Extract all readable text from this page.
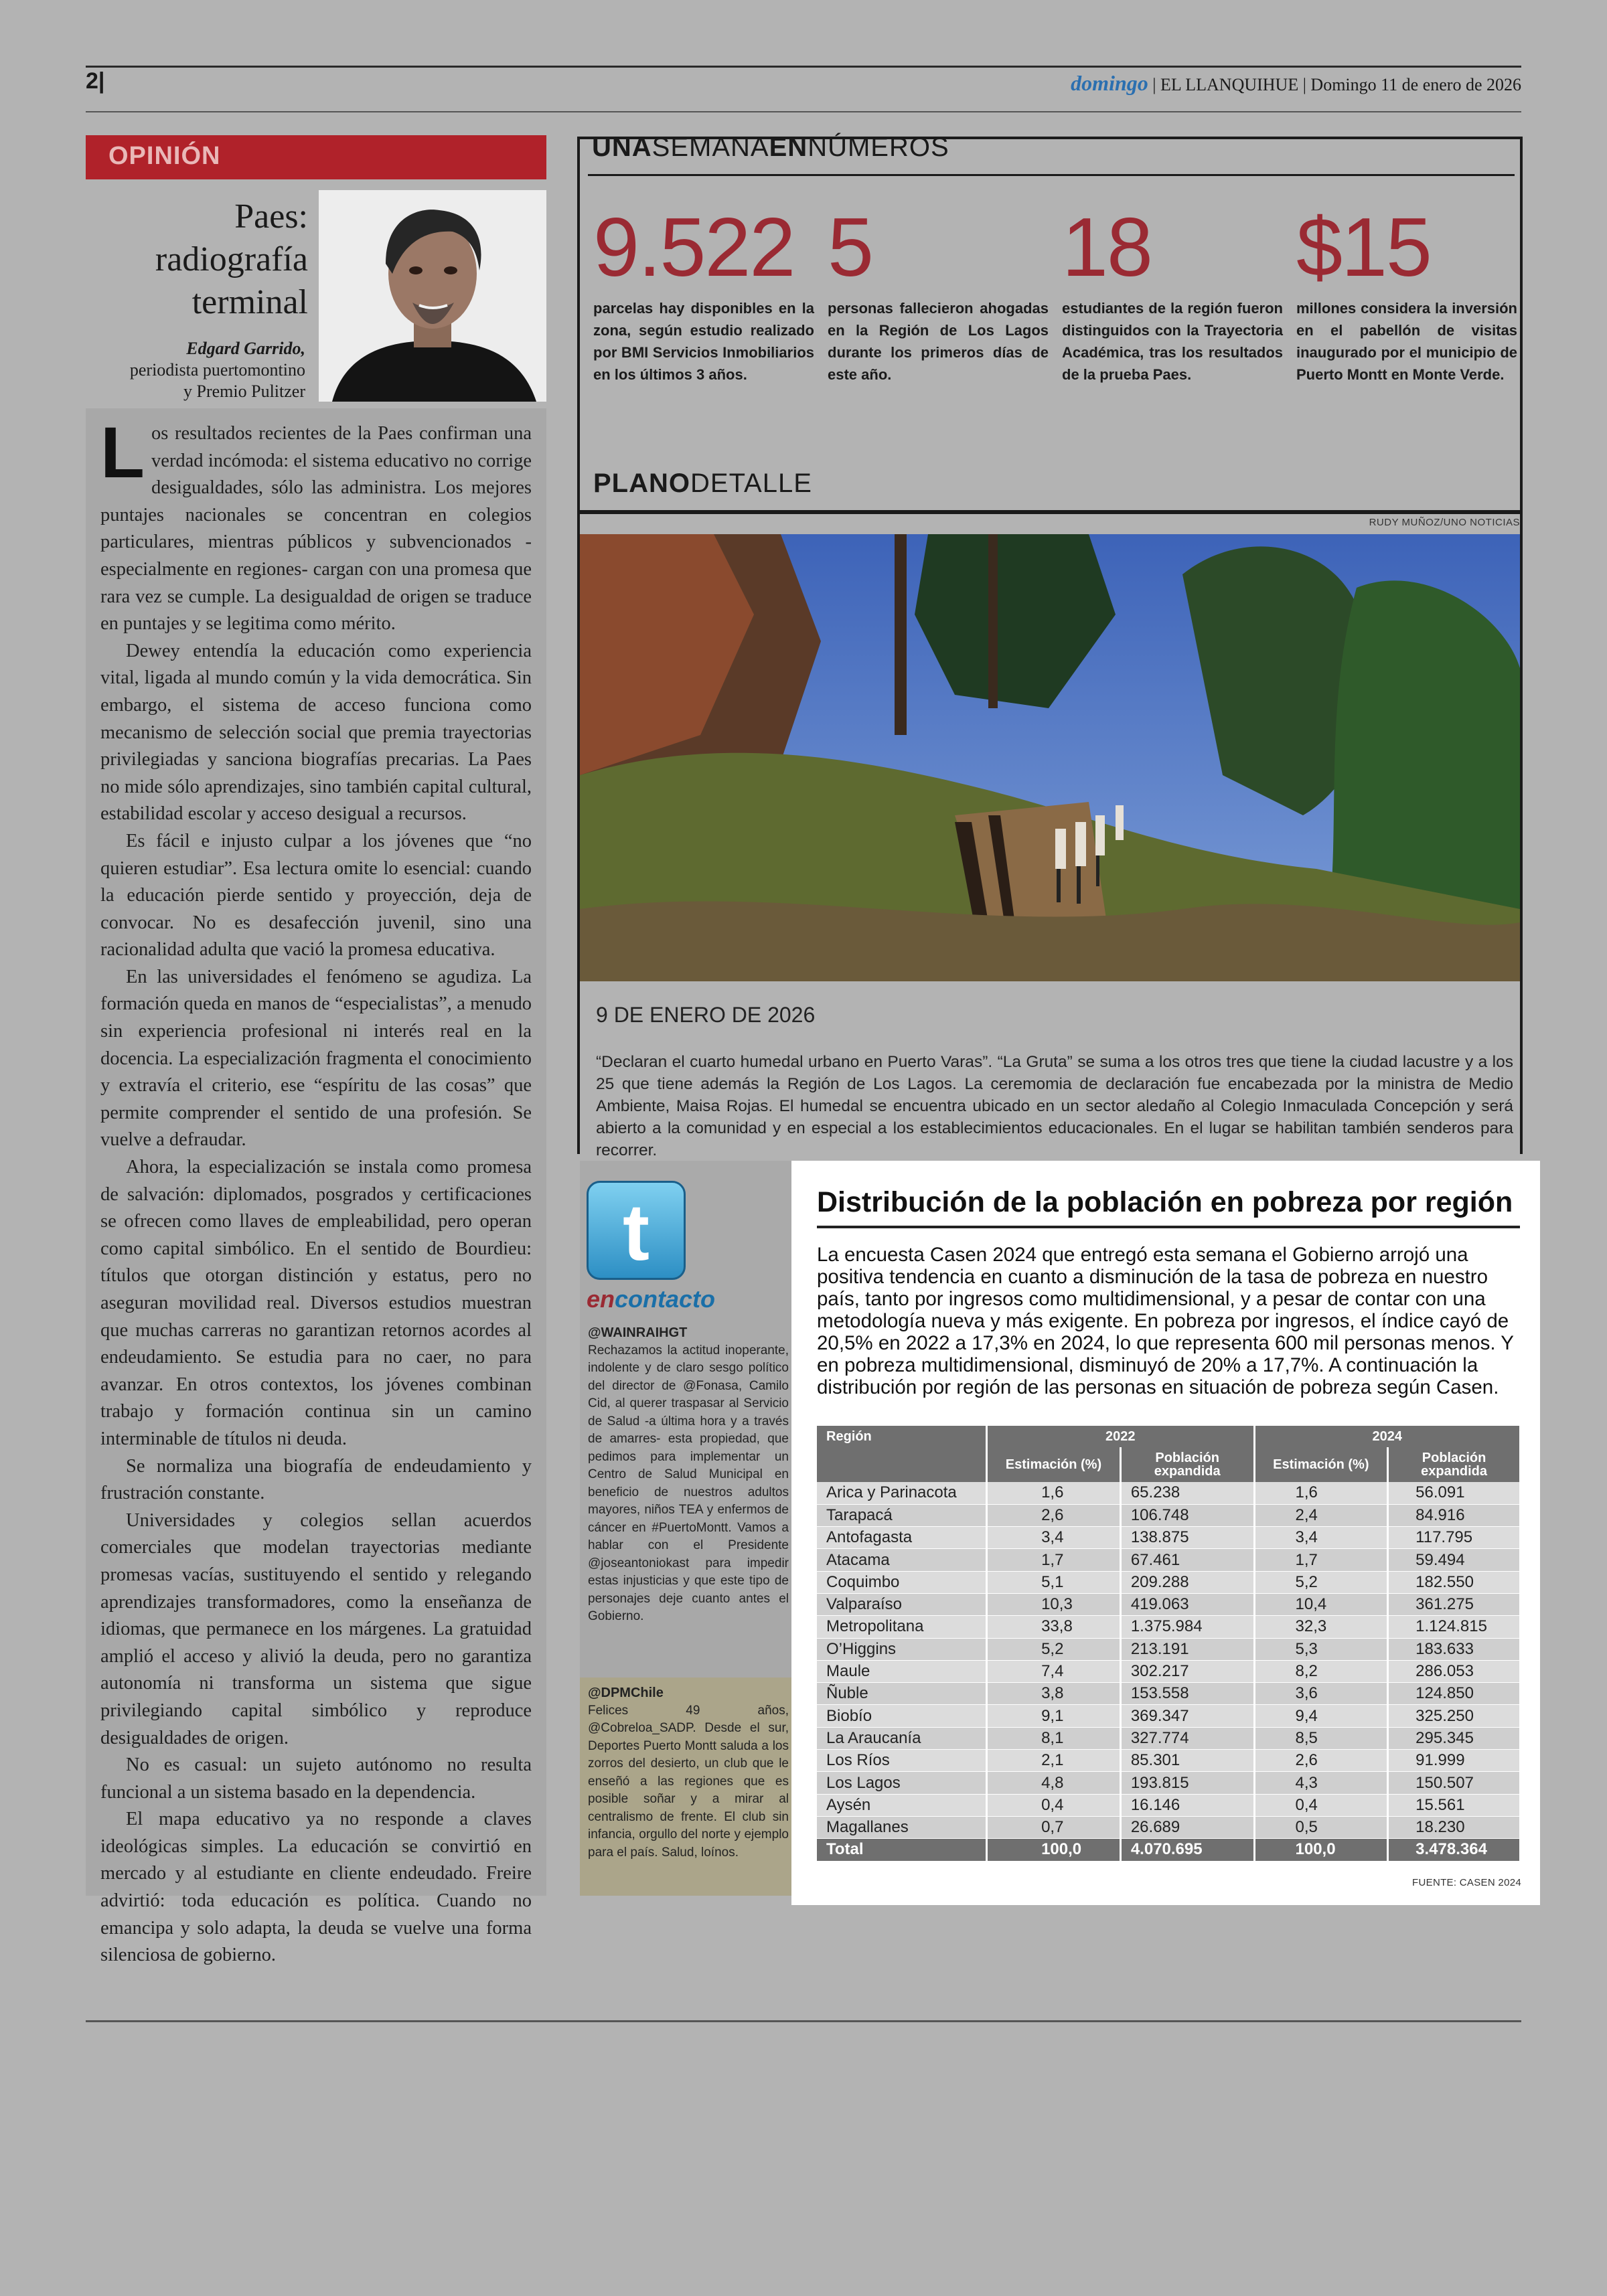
2|	domingo | EL LLANQUIHUE | Domingo 11 de enero de 2026
OPINIÓN
Paes: radiografía terminal
Edgard Garrido,
periodista puertomontino
y Premio Pulitzer

Los resultados recientes de la Paes confirman una verdad incómoda: el sistema educativo no corrige desigualdades, sólo las administra. Los mejores puntajes nacionales se concentran en colegios particulares, mientras públicos y subvencionados -especialmente en regiones- cargan con una promesa que rara vez se cumple. La desigualdad de origen se traduce en puntajes y se legitima como mérito.

Dewey entendía la educación como experiencia vital, ligada al mundo común y la vida democrática. Sin embargo, el sistema de acceso funciona como mecanismo de selección social que premia trayectorias privilegiadas y sanciona biografías precarias. La Paes no mide sólo aprendizajes, sino también capital cultural, estabilidad escolar y acceso desigual a recursos.

Es fácil e injusto culpar a los jóvenes que “no quieren estudiar”. Esa lectura omite lo esencial: cuando la educación pierde sentido y proyección, deja de convocar. No es desafección juvenil, sino una racionalidad adulta que vació la promesa educativa.

En las universidades el fenómeno se agudiza. La formación queda en manos de “especialistas”, a menudo sin experiencia profesional ni interés real en la docencia. La especialización fragmenta el conocimiento y extravía el criterio, ese “espíritu de las cosas” que permite comprender el sentido de una profesión. Se vuelve a defraudar.

Ahora, la especialización se instala como promesa de salvación: diplomados, posgrados y certificaciones se ofrecen como llaves de empleabilidad, pero operan como capital simbólico. En el sentido de Bourdieu: títulos que otorgan distinción y estatus, pero no aseguran movilidad real. Diversos estudios muestran que muchas carreras no garantizan retornos acordes al endeudamiento. Se estudia para no caer, no para avanzar. En otros contextos, los jóvenes combinan trabajo y formación continua sin un camino interminable de títulos ni deuda.

Se normaliza una biografía de endeudamiento y frustración constante.

Universidades y colegios sellan acuerdos comerciales que modelan trayectorias mediante promesas vacías, sustituyendo el sentido y relegando aprendizajes transformadores, como la enseñanza de idiomas, que permanece en los márgenes. La gratuidad amplió el acceso y alivió la deuda, pero no garantiza autonomía ni transforma un sistema que sigue privilegiando capital simbólico y reproduce desigualdades de origen.

No es casual: un sujeto autónomo no resulta funcional a un sistema basado en la dependencia.

El mapa educativo ya no responde a claves ideológicas simples. La educación se convirtió en mercado y al estudiante en cliente endeudado. Freire advirtió: toda educación es política. Cuando no emancipa y solo adapta, la deuda se vuelve una forma silenciosa de gobierno.

UNASEMANAENNÚMEROS
9.522
parcelas hay disponibles en la zona, según estudio realizado por BMI Servicios Inmobiliarios en los últimos 3 años.
5
personas fallecieron ahogadas en la Región de Los Lagos durante los primeros días de este año.
18
estudiantes de la región fueron distinguidos con la Trayectoria Académica, tras los resultados de la prueba Paes.
$15
millones considera la inversión en el pabellón de visitas inaugurado por el municipio de Puerto Montt en Monte Verde.
PLANODETALLE
RUDY MUÑOZ/UNO NOTICIAS
9 DE ENERO DE 2026
“Declaran el cuarto humedal urbano en Puerto Varas”. “La Gruta” se suma a los otros tres que tiene la ciudad lacustre y a los 25 que tiene además la Región de Los Lagos. La ceremomia de declaración fue encabezada por la ministra de Medio Ambiente, Maisa Rojas. El humedal se encuentra ubicado en un sector aledaño al Colegio Inmaculada Concepción y será abierto a la comunidad y en especial a los establecimientos educacionales. En el lugar se habilitan también senderos para recorrer.
t
encontacto
@WAINRAIHGT
Rechazamos la actitud inoperante, indolente y de claro sesgo político del director de @Fonasa, Camilo Cid, al querer traspasar al Servicio de Salud -a última hora y a través de amarres- esta propiedad, que pedimos para implementar un Centro de Salud Municipal en beneficio de nuestros adultos mayores, niños TEA y enfermos de cáncer en #PuertoMontt. Vamos a hablar con el Presidente @joseantoniokast para impedir estas injusticias y que este tipo de personajes deje cuanto antes el Gobierno.
@DPMChile
Felices 49 años, @Cobreloa_SADP. Desde el sur, Deportes Puerto Montt saluda a los zorros del desierto, un club que le enseñó a las regiones que es posible soñar y a mirar al centralismo de frente. El club sin infancia, orgullo del norte y ejemplo para el país. Salud, loínos.
Distribución de la población en pobreza por región
La encuesta Casen 2024 que entregó esta semana el Gobierno arrojó una positiva tendencia en cuanto a disminución de la tasa de pobreza en nuestro país, tanto por ingresos como multidimensional, y a pesar de contar con una metodología nueva y más exigente. En pobreza por ingresos, el índice cayó de 20,5% en 2022 a 17,3% en 2024, lo que representa 600 mil personas menos. Y en pobreza multidimensional, disminuyó de 20% a 17,7%. A continuación la distribución por región de las personas en situación de pobreza según Casen.
Región	2022		2024	
	Estimación (%)	Población expandida	Estimación (%)	Población expandida
Arica y Parinacota	1,6	65.238	1,6	56.091
Tarapacá	2,6	106.748	2,4	84.916
Antofagasta	3,4	138.875	3,4	117.795
Atacama	1,7	67.461	1,7	59.494
Coquimbo	5,1	209.288	5,2	182.550
Valparaíso	10,3	419.063	10,4	361.275
Metropolitana	33,8	1.375.984	32,3	1.124.815
O’Higgins	5,2	213.191	5,3	183.633
Maule	7,4	302.217	8,2	286.053
Ñuble	3,8	153.558	3,6	124.850
Biobío	9,1	369.347	9,4	325.250
La Araucanía	8,1	327.774	8,5	295.345
Los Ríos	2,1	85.301	2,6	91.999
Los Lagos	4,8	193.815	4,3	150.507
Aysén	0,4	16.146	0,4	15.561
Magallanes	0,7	26.689	0,5	18.230
Total	100,0	4.070.695	100,0	3.478.364
FUENTE: CASEN 2024
